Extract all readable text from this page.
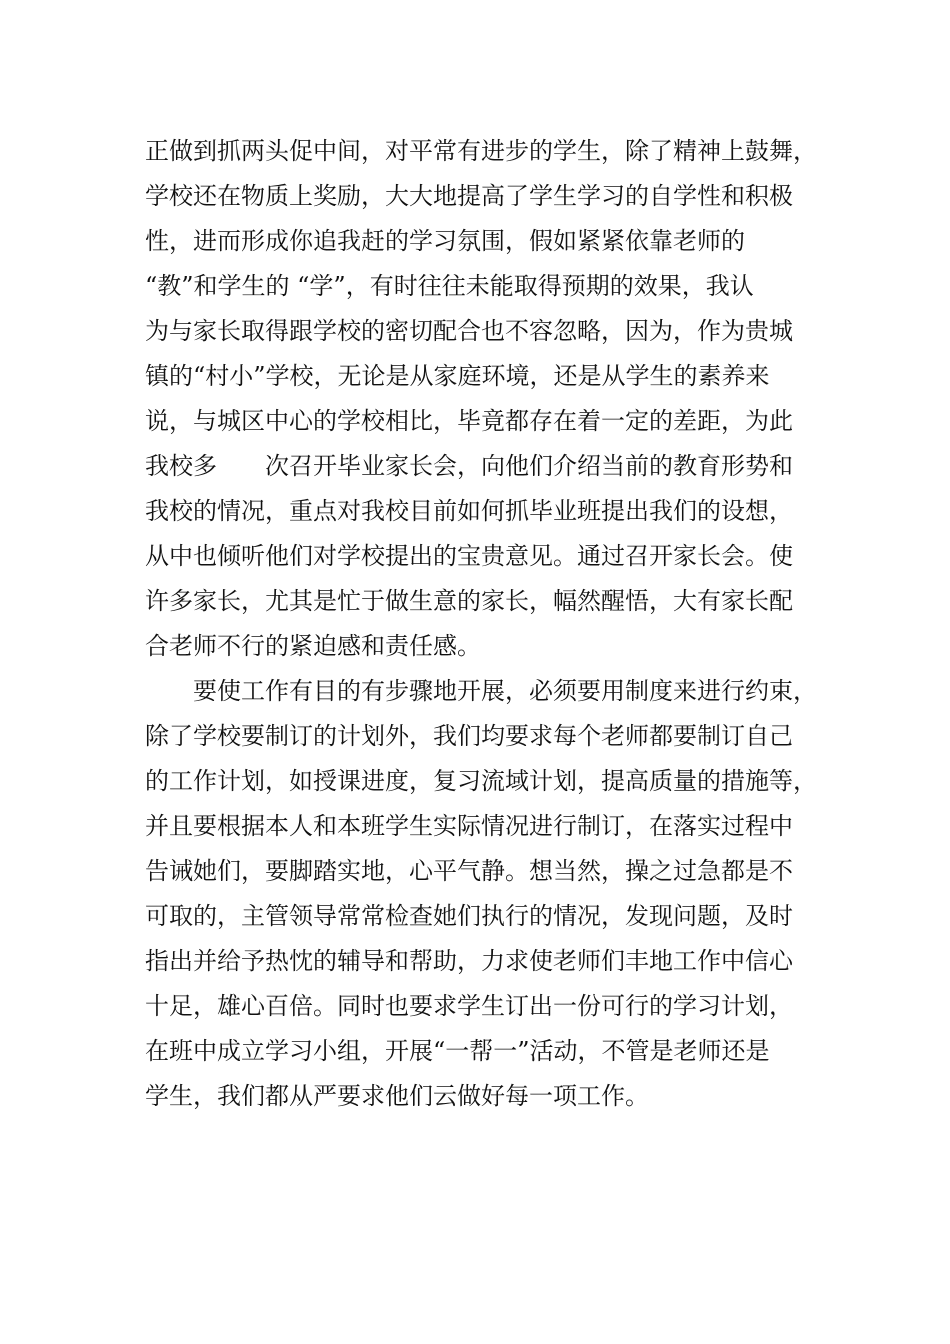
正做到抓两头促中间，对平常有进步的学生，除了精神上鼓舞，
学校还在物质上奖励，大大地提高了学生学习的自学性和积极
性，进而形成你追我赶的学习氛围，假如紧紧依靠老师的
“教”和学生的 “学”，有时往往未能取得预期的效果，我认
为与家长取得跟学校的密切配合也不容忽略，因为，作为贵城
镇的“村小”学校，无论是从家庭环境，还是从学生的素养来
说，与城区中心的学校相比，毕竟都存在着一定的差距，为此
我校多　　次召开毕业家长会，向他们介绍当前的教育形势和
我校的情况，重点对我校目前如何抓毕业班提出我们的设想，
从中也倾听他们对学校提出的宝贵意见。通过召开家长会。使
许多家长，尤其是忙于做生意的家长，幅然醒悟，大有家长配
合老师不行的紧迫感和责任感。
要使工作有目的有步骤地开展，必须要用制度来进行约束，
除了学校要制订的计划外，我们均要求每个老师都要制订自己
的工作计划，如授课进度，复习流域计划，提高质量的措施等，
并且要根据本人和本班学生实际情况进行制订，在落实过程中
告诫她们，要脚踏实地，心平气静。想当然，操之过急都是不
可取的，主管领导常常检查她们执行的情况，发现问题，及时
指出并给予热忱的辅导和帮助，力求使老师们丰地工作中信心
十足，雄心百倍。同时也要求学生订出一份可行的学习计划，
在班中成立学习小组，开展“一帮一”活动，不管是老师还是
学生，我们都从严要求他们云做好每一项工作。
